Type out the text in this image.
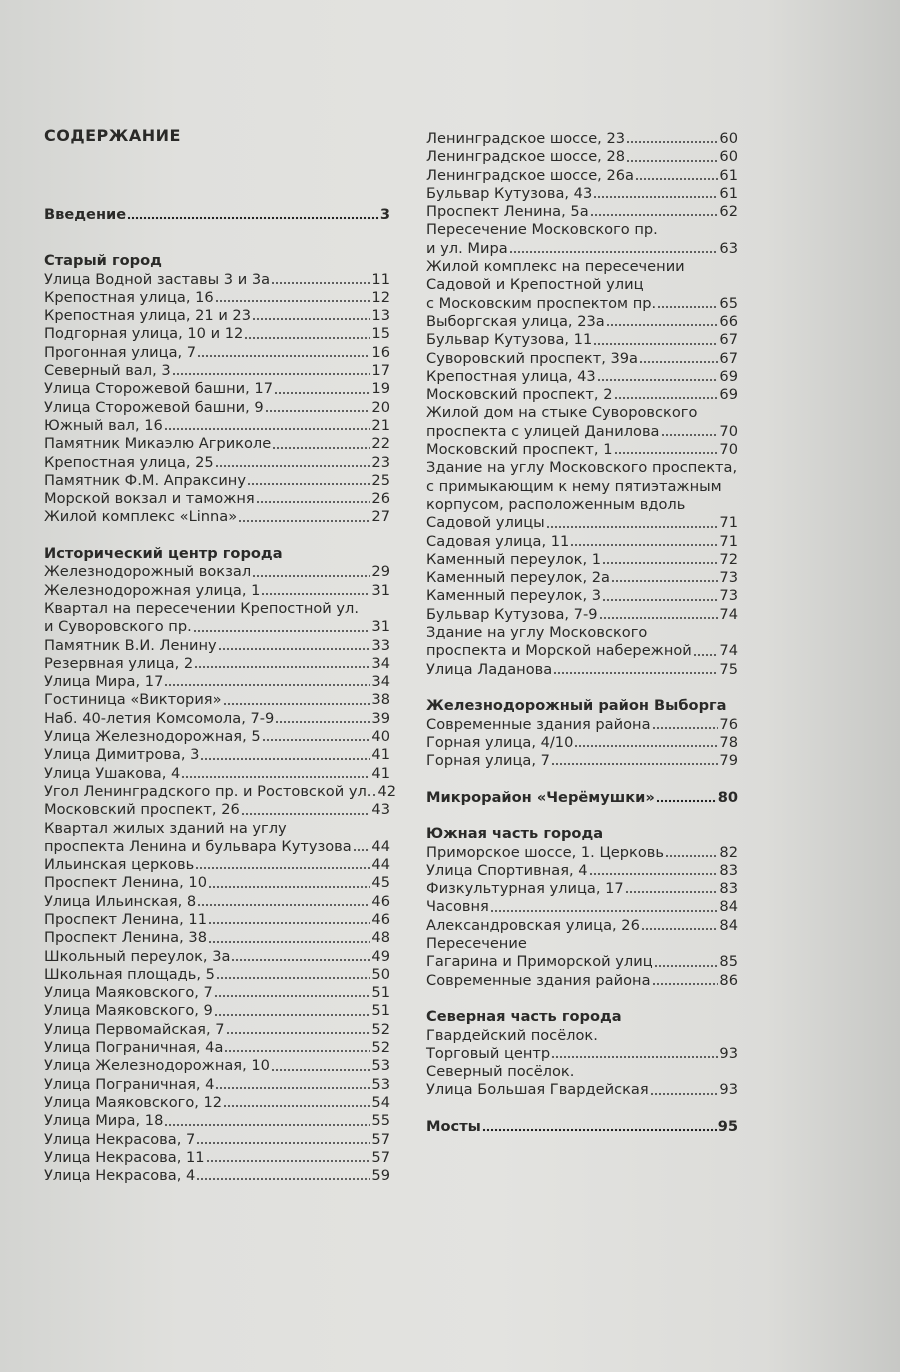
СОДЕРЖАНИЕ
Введение	3
Старый город
Улица Водной заставы 3 и 3а	11
Крепостная улица, 16	12
Крепостная улица, 21 и 23	13
Подгорная улица, 10 и 12	15
Прогонная улица, 7	16
Северный вал, 3	17
Улица Сторожевой башни, 17	19
Улица Сторожевой башни, 9	20
Южный вал, 16	21
Памятник Микаэлю Агриколе	22
Крепостная улица, 25	23
Памятник Ф.М. Апраксину	25
Морской вокзал и таможня	26
Жилой комплекс «Linna»	27
Исторический центр города
Железнодорожный вокзал	29
Железнодорожная улица, 1	31
Квартал на пересечении Крепостной ул.
и Суворовского пр.	31
Памятник В.И. Ленину	33
Резервная улица, 2	34
Улица Мира, 17	34
Гостиница «Виктория»	38
Наб. 40-летия Комсомола, 7-9	39
Улица Железнодорожная, 5	40
Улица Димитрова, 3	41
Улица Ушакова, 4	41
Угол Ленинградского пр. и Ростовской ул. 42
Московский проспект, 26	43
Квартал жилых зданий на углу
проспекта Ленина и бульвара Кутузова 44
Ильинская церковь	44
Проспект Ленина, 10	45
Улица Ильинская, 8	46
Проспект Ленина, 11	46
Проспект Ленина, 38	48
Школьный переулок, 3а	49
Школьная площадь, 5	50
Улица Маяковского, 7	51
Улица Маяковского, 9	51
Улица Первомайская, 7	52
Улица Пограничная, 4а	52
Улица Железнодорожная, 10	53
Улица Пограничная, 4	53
Улица Маяковского, 12	54
Улица Мира, 18	55
Улица Некрасова, 7	57
Улица Некрасова, 11	57
Улица Некрасова, 4	59
Ленинградское шоссе, 23	60
Ленинградское шоссе, 28	60
Ленинградское шоссе, 26а	61
Бульвар Кутузова, 43	61
Проспект Ленина, 5а	62
Пересечение Московского пр.
и ул. Мира	63
Жилой комплекс на пересечении
Садовой и Крепостной улиц
с Московским проспектом пр.	65
Выборгская улица, 23а	66
Бульвар Кутузова, 11	67
Суворовский проспект, 39а	67
Крепостная улица, 43	69
Московский проспект, 2	69
Жилой дом на стыке Суворовского
проспекта с улицей Данилова	70
Московский проспект, 1	70
Здание на углу Московского проспекта,
с примыкающим к нему пятиэтажным
корпусом, расположенным вдоль
Садовой улицы	71
Садовая улица, 11	71
Каменный переулок, 1	72
Каменный переулок, 2а	73
Каменный переулок, 3	73
Бульвар Кутузова, 7-9	74
Здание на углу Московского
проспекта и Морской набережной 74
Улица Ладанова	75
Железнодорожный район Выборга
Современные здания района	76
Горная улица, 4/10	78
Горная улица, 7	79
Микрорайон «Черёмушки»	80
Южная часть города
Приморское шоссе, 1. Церковь	82
Улица Спортивная, 4	83
Физкультурная улица, 17	83
Часовня	84
Александровская улица, 26	84
Пересечение
Гагарина и Приморской улиц	85
Современные здания района	86
Северная часть города
Гвардейский посёлок.
Торговый центр	93
Северный посёлок.
Улица Большая Гвардейская	93
Мосты	95
